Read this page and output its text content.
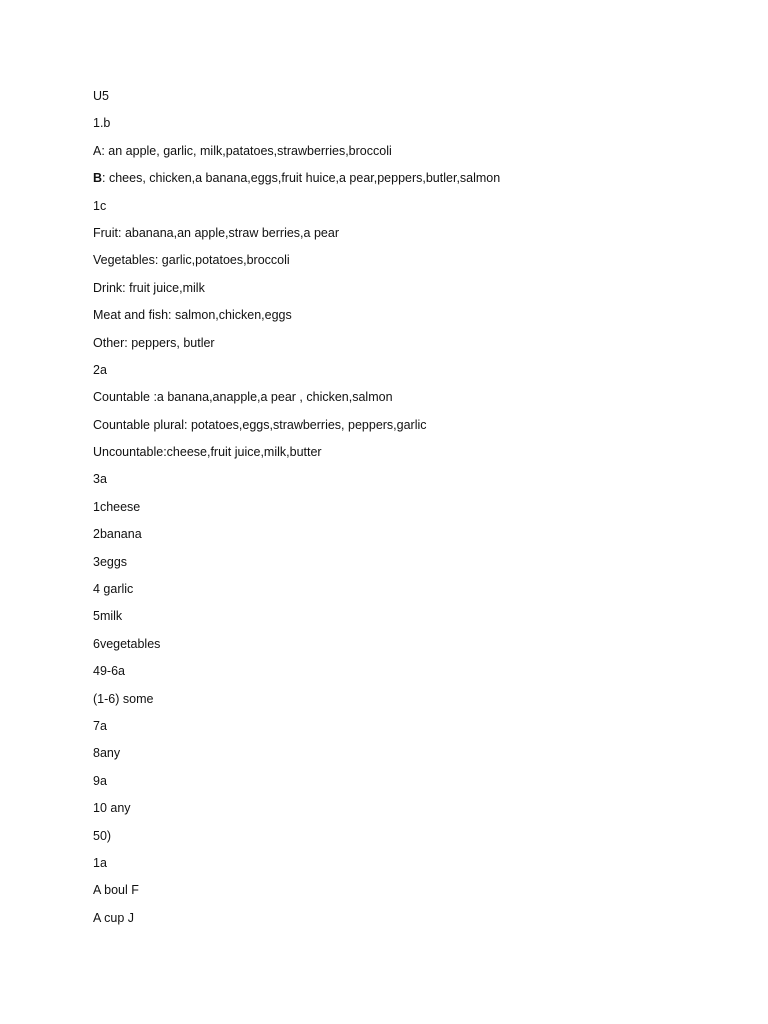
U5
1.b
A: an apple, garlic, milk,patatoes,strawberries,broccoli
B: chees, chicken,a banana,eggs,fruit huice,a pear,peppers,butler,salmon
1c
Fruit: abanana,an apple,straw berries,a pear
Vegetables: garlic,potatoes,broccoli
Drink: fruit juice,milk
Meat and fish: salmon,chicken,eggs
Other: peppers, butler
2a
Countable :a banana,anapple,a pear , chicken,salmon
Countable plural: potatoes,eggs,strawberries, peppers,garlic
Uncountable:cheese,fruit juice,milk,butter
3a
1cheese
2banana
3eggs
4 garlic
5milk
6vegetables
49-6a
(1-6) some
7a
8any
9a
10 any
50)
1a
A boul F
A cup J
